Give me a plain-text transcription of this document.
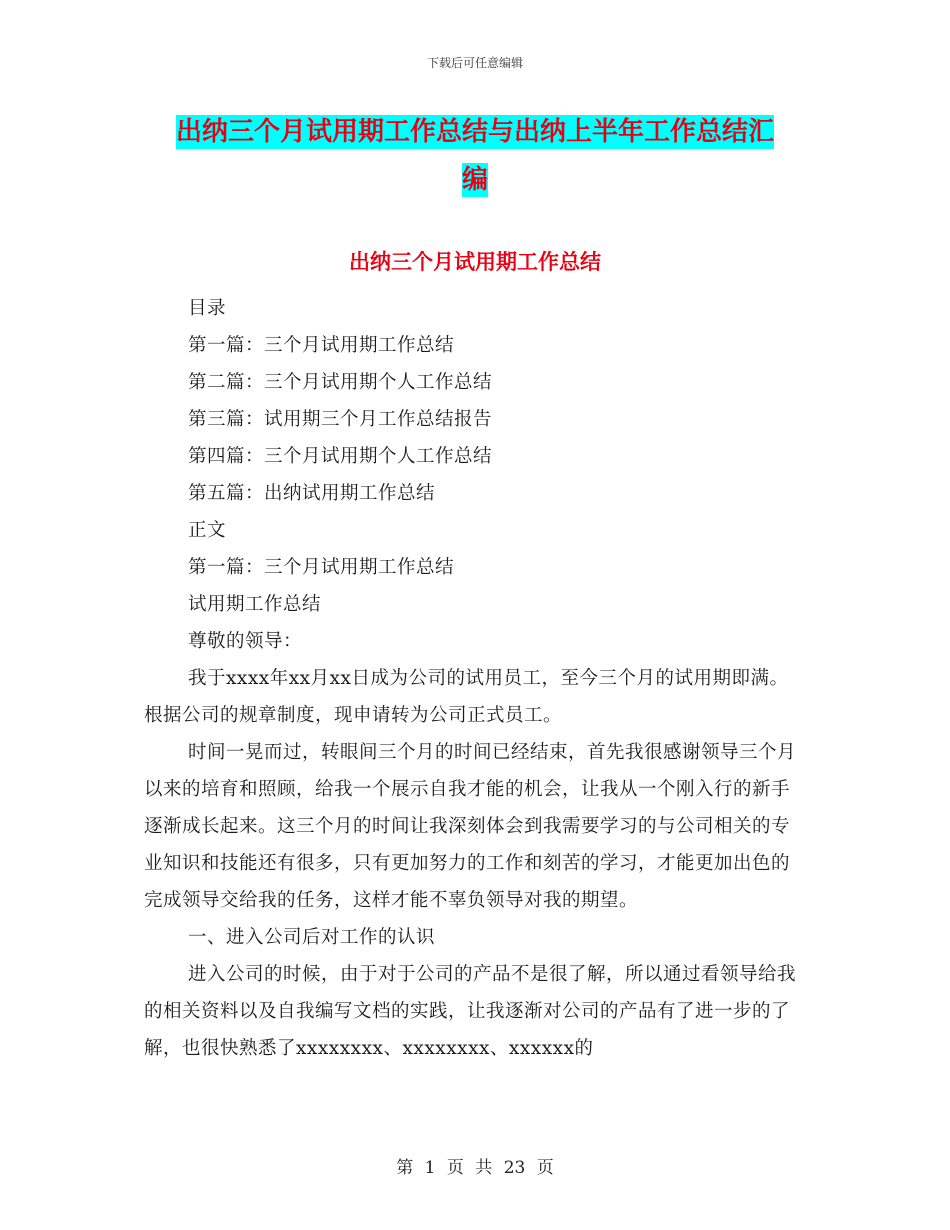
下载后可任意编辑
出纳三个月试用期工作总结与出纳上半年工作总结汇
编
出纳三个月试用期工作总结

目录

第一篇：三个月试用期工作总结

第二篇：三个月试用期个人工作总结

第三篇：试用期三个月工作总结报告

第四篇：三个月试用期个人工作总结

第五篇：出纳试用期工作总结

正文

第一篇：三个月试用期工作总结

试用期工作总结

尊敬的领导：

我于xxxx年xx月xx日成为公司的试用员工，至今三个月的试用期即满。根据公司的规章制度，现申请转为公司正式员工。

时间一晃而过，转眼间三个月的时间已经结束，首先我很感谢领导三个月以来的培育和照顾，给我一个展示自我才能的机会，让我从一个刚入行的新手逐渐成长起来。这三个月的时间让我深刻体会到我需要学习的与公司相关的专业知识和技能还有很多，只有更加努力的工作和刻苦的学习，才能更加出色的完成领导交给我的任务，这样才能不辜负领导对我的期望。

一、进入公司后对工作的认识

进入公司的时候，由于对于公司的产品不是很了解，所以通过看领导给我的相关资料以及自我编写文档的实践，让我逐渐对公司的产品有了进一步的了解，也很快熟悉了xxxxxxxx、xxxxxxxx、xxxxxx的

第 1 页 共 23 页
